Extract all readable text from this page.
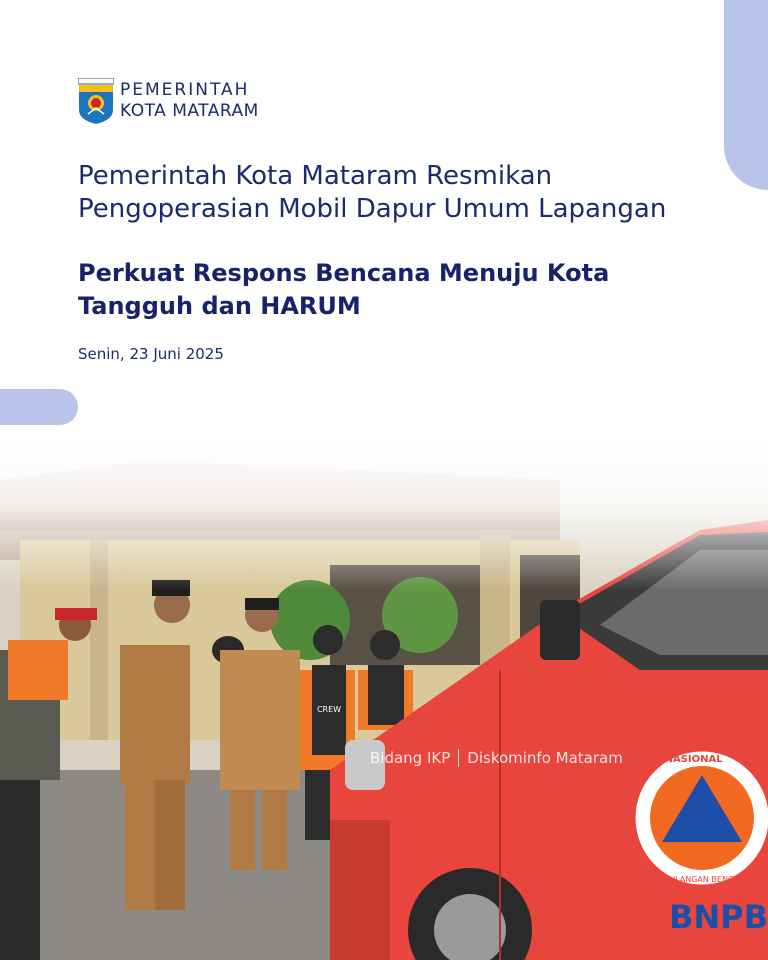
PEMERINTAH
KOTA MATARAM
Pemerintah Kota Mataram Resmikan Pengoperasian Mobil Dapur Umum Lapangan
Perkuat Respons Bencana Menuju Kota Tangguh dan HARUM
Senin, 23 Juni 2025
CREW
BADAN NASIONAL
PENANGGULANGAN BENCANA
BNPB
Bidang IKP Diskominfo Mataram
